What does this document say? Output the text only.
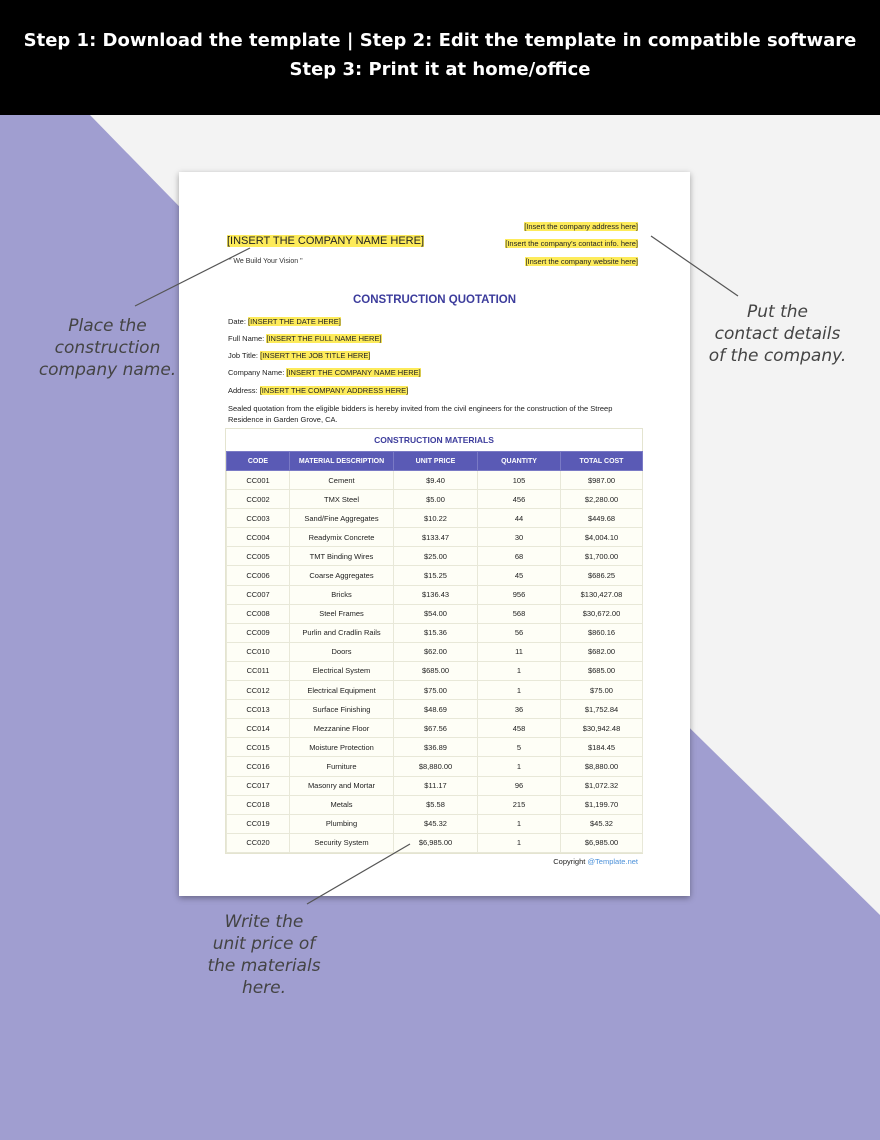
Step 1: Download the template | Step 2: Edit the template in compatible software
Step 3: Print it at home/office
[INSERT THE COMPANY NAME HERE]
" We Build Your Vision "
[Insert the company address here]
[Insert the company's contact info. here]
[Insert the company website here]
CONSTRUCTION QUOTATION
Date: [INSERT THE DATE HERE]
Full Name: [INSERT THE FULL NAME HERE]
Job Title: [INSERT THE JOB TITLE HERE]
Company Name: [INSERT THE COMPANY NAME HERE]
Address: [INSERT THE COMPANY ADDRESS HERE]
Sealed quotation from the eligible bidders is hereby invited from the civil engineers for the construction of the Streep Residence in Garden Grove, CA.
CONSTRUCTION MATERIALS
CODE	MATERIAL DESCRIPTION	UNIT PRICE	QUANTITY	TOTAL COST
CC001	Cement	$9.40	105	$987.00
CC002	TMX Steel	$5.00	456	$2,280.00
CC003	Sand/Fine Aggregates	$10.22	44	$449.68
CC004	Readymix Concrete	$133.47	30	$4,004.10
CC005	TMT Binding Wires	$25.00	68	$1,700.00
CC006	Coarse Aggregates	$15.25	45	$686.25
CC007	Bricks	$136.43	956	$130,427.08
CC008	Steel Frames	$54.00	568	$30,672.00
CC009	Purlin and Cradlin Rails	$15.36	56	$860.16
CC010	Doors	$62.00	11	$682.00
CC011	Electrical System	$685.00	1	$685.00
CC012	Electrical Equipment	$75.00	1	$75.00
CC013	Surface Finishing	$48.69	36	$1,752.84
CC014	Mezzanine Floor	$67.56	458	$30,942.48
CC015	Moisture Protection	$36.89	5	$184.45
CC016	Furniture	$8,880.00	1	$8,880.00
CC017	Masonry and Mortar	$11.17	96	$1,072.32
CC018	Metals	$5.58	215	$1,199.70
CC019	Plumbing	$45.32	1	$45.32
CC020	Security System	$6,985.00	1	$6,985.00
Copyright @Template.net
Place the
construction
company name.
Put the
contact details
of the company.
Write the
unit price of
the materials
here.
